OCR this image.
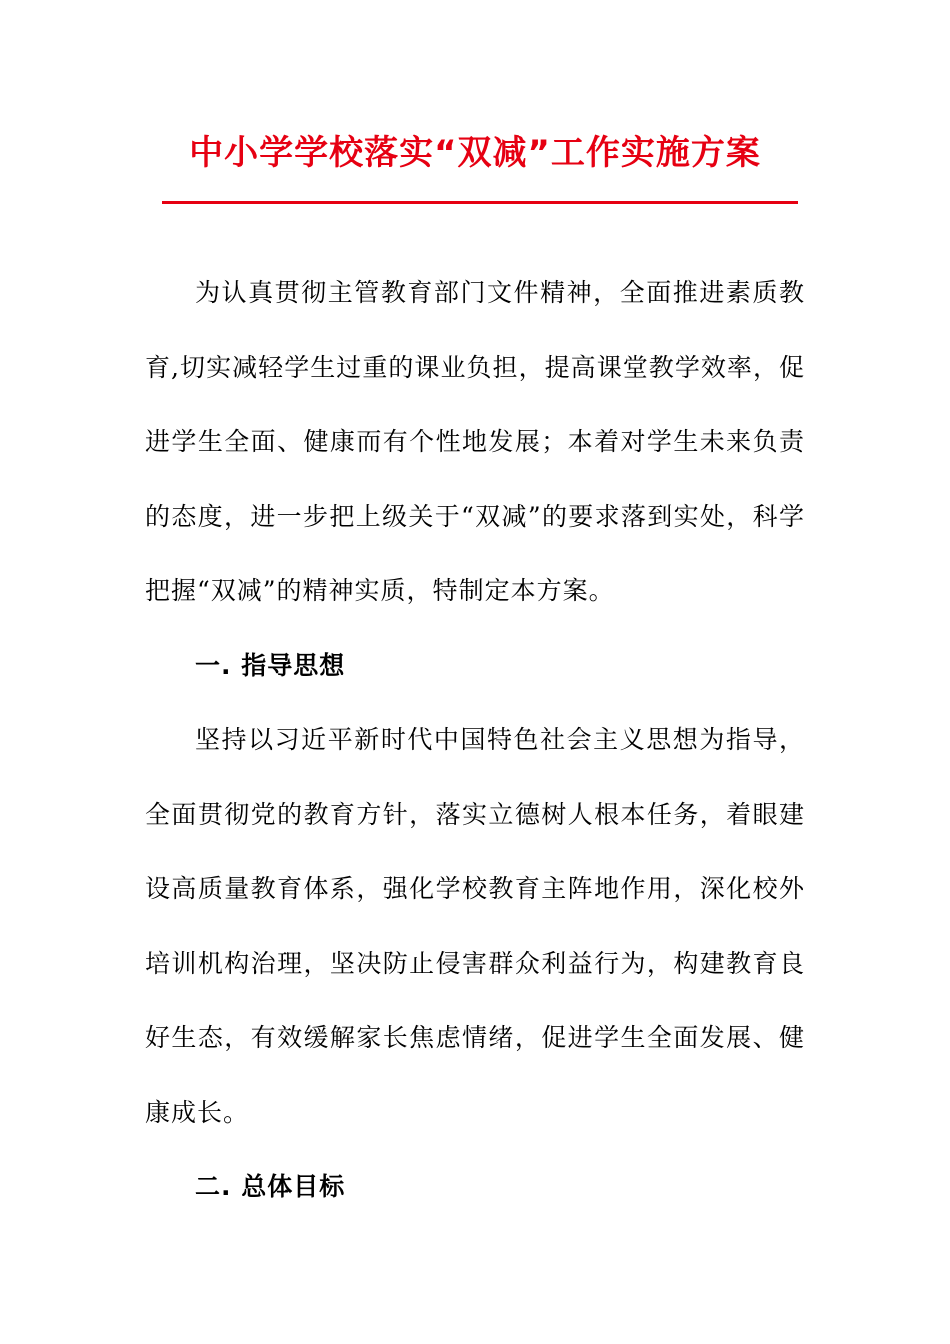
中小学学校落实“双减”工作实施方案

为认真贯彻主管教育部门文件精神，全面推进素质教育,切实减轻学生过重的课业负担，提高课堂教学效率，促进学生全面、健康而有个性地发展；本着对学生未来负责的态度，进一步把上级关于“双减”的要求落到实处，科学把握“双减”的精神实质，特制定本方案。

一. 指导思想

坚持以习近平新时代中国特色社会主义思想为指导，全面贯彻党的教育方针，落实立德树人根本任务，着眼建设高质量教育体系，强化学校教育主阵地作用，深化校外培训机构治理，坚决防止侵害群众利益行为，构建教育良好生态，有效缓解家长焦虑情绪，促进学生全面发展、健康成长。

二. 总体目标
